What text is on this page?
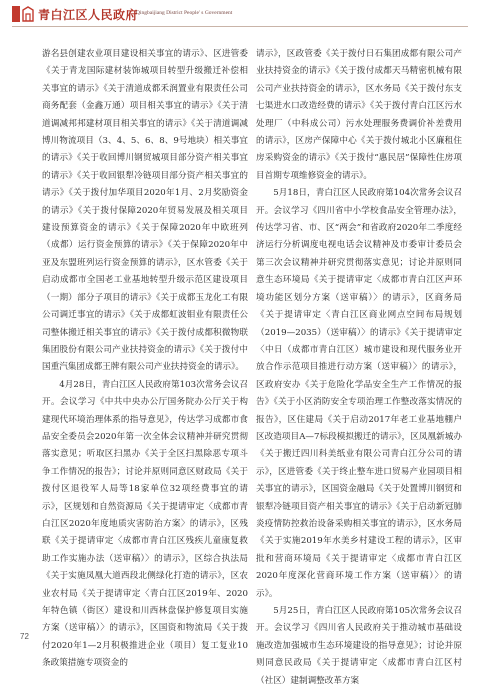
青白江区人民政府
Qingbaijiang District People' s Government

游名县创建农业项目建设相关事宜的请示》、区进管委《关于青龙国际建材装饰城项目转型升级搬迁补偿相关事宜的请示》《关于清道成都禾润置业有限责任公司商务配套（金鑫万通）项目相关事宜的请示》《关于清道调减邦邦建材项目相关事宜的请示》《关于清道调减博川物流项目（3、4、5、6、8、9号地块）相关事宜的请示》《关于收回博川钢贸城项目部分资产相关事宜的请示》《关于收回银犁冷链项目部分资产相关事宜的请示》《关于拨付加华项目2020年1月、2月奖励资金的请示》《关于拨付保障2020年贸易发展及相关项目建设预算资金的请示》《关于保障2020年中欧班列（成都）运行资金预算的请示》《关于保障2020年中亚及东盟班列运行资金预算的请示》，区水管委《关于启动成都市全国老工业基地转型升级示范区建设项目（一期）部分子项目的请示》《关于成都玉龙化工有限公司调迁事宜的请示》《关于成都虹波钼业有限责任公司整体搬迁相关事宜的请示》《关于拨付成都积微物联集团股份有限公司产业扶持资金的请示》《关于拨付中国重汽集团成都王牌有限公司产业扶持资金的请示》。

4月28日，青白江区人民政府第103次常务会议召开。会议学习《中共中央办公厅国务院办公厅关于构建现代环境治理体系的指导意见》，传达学习成都市食品安全委员会2020年第一次全体会议精神并研究贯彻落实意见；听取区扫黑办《关于全区扫黑除恶专项斗争工作情况的报告》；讨论并原则同意区财政局《关于拨付区退役军人局等18家单位32项经费事宜的请示》，区规划和自然资源局《关于提请审定〈成都市青白江区2020年度地质灾害防治方案〉的请示》，区残联《关于提请审定〈成都市青白江区残疾儿童康复救助工作实施办法（送审稿）〉的请示》，区综合执法局《关于实施凤凰大道西段北侧绿化打造的请示》，区农业农村局《关于提请审定〈青白江区2019年、2020年特色镇（街区）建设和川西林盘保护修复项目实施方案（送审稿）〉的请示》，区国资和物流局《关于拨付2020年1—2月积极推进企业（项目）复工复业10条政策措施专项资金的

请示》，区政管委《关于拨付日石集团成都有限公司产业扶持资金的请示》《关于拨付成都天马精密机械有限公司产业扶持资金的请示》，区水务局《关于拨付东支七渠进水口改造经费的请示》《关于拨付青白江区污水处理厂（中科成公司）污水处理服务费调价补差费用的请示》，区房产保障中心《关于拨付城北小区廉租住房采购资金的请示》《关于拨付“惠民居”保障性住房项目首期专项维修资金的请示》。

5月18日，青白江区人民政府第104次常务会议召开。会议学习《四川省中小学校食品安全管理办法》，传达学习省、市、区“两会”和省政府2020年二季度经济运行分析调度电视电话会议精神及市委审计委员会第三次会议精神并研究贯彻落实意见；讨论并原则同意生态环境局《关于提请审定〈成都市青白江区声环境功能区划分方案（送审稿）〉的请示》，区商务局《关于提请审定〈青白江区商业网点空间布局规划（2019—2035）（送审稿）〉的请示》《关于提请审定〈中日（成都市青白江区）城市建设和现代服务业开放合作示范项目推进行动方案（送审稿）〉的请示》，区政府安办《关于危险化学品安全生产工作情况的报告》《关于小区消防安全专项治理工作整改落实情况的报告》，区住建局《关于启动2017年老工业基地棚户区改造项目A—7标段模拟搬迁的请示》，区凤凰新城办《关于搬迁四川科美纸业有限公司青白江分公司的请示》，区进管委《关于终止整车进口贸易产业园项目相关事宜的请示》，区国资金融局《关于处置博川钢贸和银犁冷链项目资产相关事宜的请示》《关于启动新冠肺炎疫情防控救治设备采购相关事宜的请示》，区水务局《关于实施2019年水美乡村建设工程的请示》，区审批和营商环境局《关于提请审定〈成都市青白江区2020年度深化营商环境工作方案（送审稿）〉的请示》。

5月25日，青白江区人民政府第105次常务会议召开。会议学习《四川省人民政府关于推动城市基础设施改造加强城市生态环境建设的指导意见》；讨论并原则同意民政局《关于提请审定〈成都市青白江区村（社区）建制调整改革方案

72
